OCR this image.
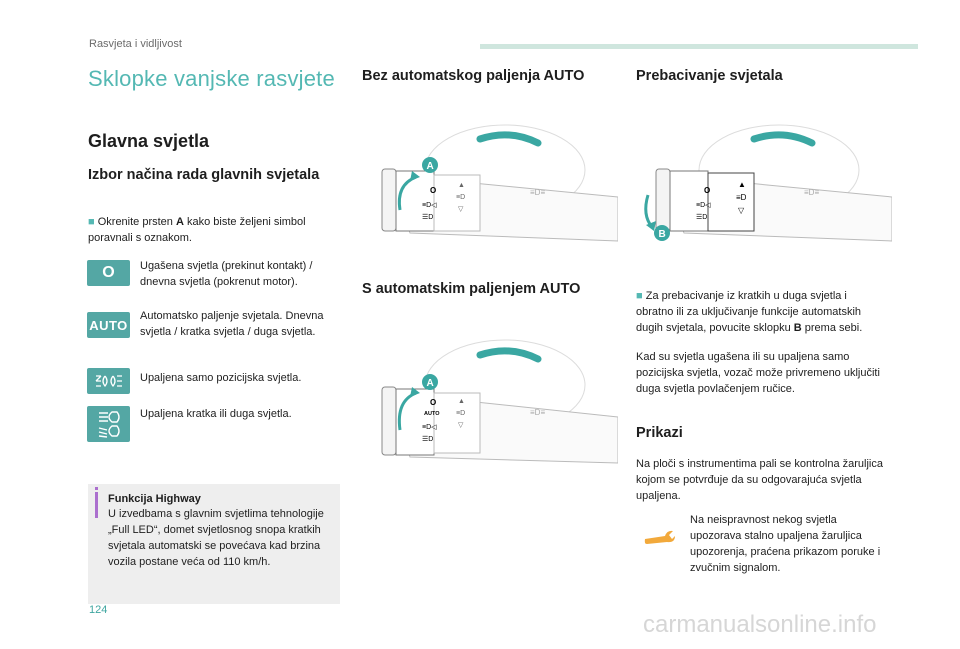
Rasvjeta i vidljivost
Sklopke vanjske rasvjete
Glavna svjetla
Izbor načina rada glavnih svjetala
■ Okrenite prsten A kako biste željeni simbol poravnali s oznakom.
O Ugašena svjetla (prekinut kontakt) / dnevna svjetla (pokrenut motor).
AUTO
Automatsko paljenje svjetala. Dnevna svjetla / kratka svjetla / duga svjetla.
Upaljena samo pozicijska svjetla.
Upaljena kratka ili duga svjetla.
Funkcija Highway
U izvedbama s glavnim svjetlima tehnologije „Full LED“, domet svjetlosnog snopa kratkih svjetala automatski se povećava kad brzina vozila postane veća od 110 km/h.
Bez automatskog paljenja AUTO
O
≡D◁
☰D
▲
≡D
▽
≡D≡
A
S automatskim paljenjem AUTO
O
AUTO
≡D◁
☰D
▲
≡D
▽
≡D≡
A
Prebacivanje svjetala
O
≡D◁
☰D
▲
≡D
▽
≡D≡
B
■ Za prebacivanje iz kratkih u duga svjetla i obratno ili za uključivanje funkcije automatskih dugih svjetala, povucite sklopku B prema sebi.
Kad su svjetla ugašena ili su upaljena samo pozicijska svjetla, vozač može privremeno uključiti duga svjetla povlačenjem ručice.
Prikazi
Na ploči s instrumentima pali se kontrolna žaruljica kojom se potvrđuje da su odgovarajuća svjetla upaljena.
Na neispravnost nekog svjetla upozorava stalno upaljena žaruljica upozorenja, praćena prikazom poruke i zvučnim signalom.
124
carmanualsonline.info
